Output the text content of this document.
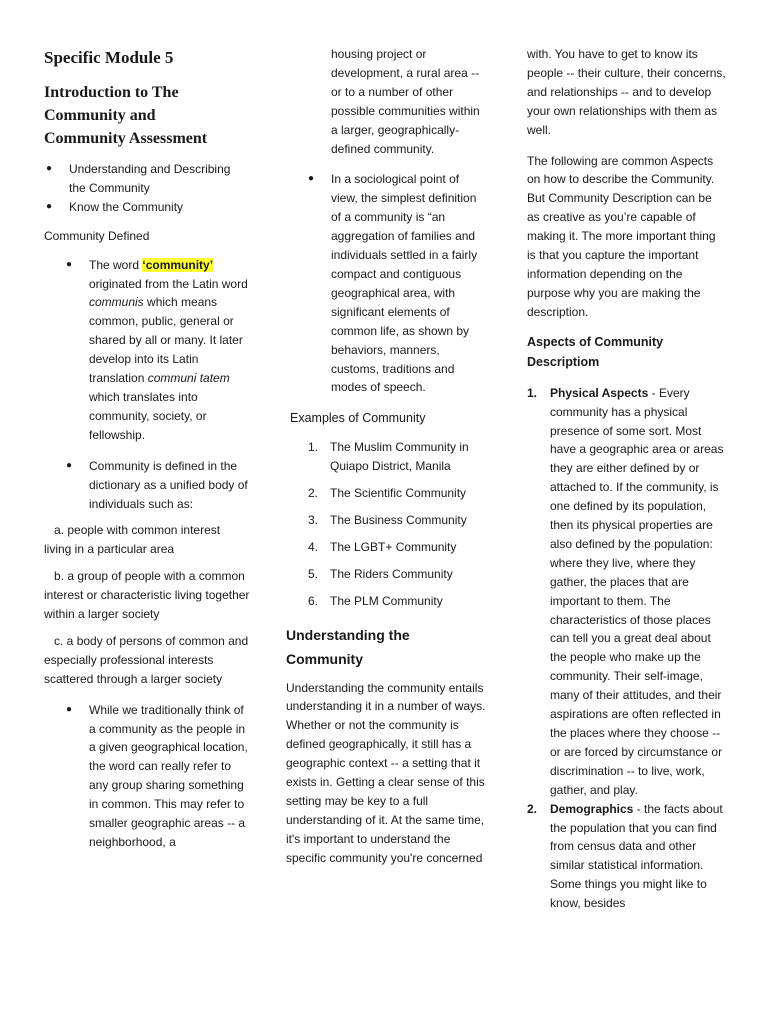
Specific Module 5
Introduction to The
Community and
Community Assessment
●	Understanding and Describing the Community
●	Know the Community

Community Defined

●	The word ‘community’ originated from the Latin word communis which means common, public, general or shared by all or many. It later develop into its Latin translation communi tatem which translates into community, society, or fellowship.
●	Community is defined in the dictionary as a unified body of individuals such as:

a. people with common interest living in a particular area

b. a group of people with a common interest or characteristic living together within a larger society

c. a body of persons of common and especially professional interests scattered through a larger society

●	While we traditionally think of a community as the people in a given geographical location, the word can really refer to any group sharing something in common. This may refer to smaller geographic areas -- a neighborhood, a
housing project or development, a rural area -- or to a number of other possible communities within a larger, geographically-defined community.
●	In a sociological point of view, the simplest definition of a community is “an aggregation of families and individuals settled in a fairly compact and contiguous geographical area, with significant elements of common life, as shown by behaviors, manners, customs, traditions and modes of speech.

Examples of Community

1. The Muslim Community in Quiapo District, Manila
2. The Scientific Community
3. The Business Community
4. The LGBT+ Community
5. The Riders Community
6. The PLM Community

Understanding the Community

Understanding the community entails understanding it in a number of ways. Whether or not the community is defined geographically, it still has a geographic context -- a setting that it exists in. Getting a clear sense of this setting may be key to a full understanding of it. At the same time, it's important to understand the specific community you're concerned

with. You have to get to know its people -- their culture, their concerns, and relationships -- and to develop your own relationships with them as well.

The following are common Aspects on how to describe the Community. But Community Description can be as creative as you’re capable of making it. The more important thing is that you capture the important information depending on the purpose why you are making the description.

Aspects of Community Descriptiom

1.	Physical Aspects - Every community has a physical presence of some sort. Most have a geographic area or areas they are either defined by or attached to. If the community, is one defined by its population, then its physical properties are also defined by the population: where they live, where they gather, the places that are important to them. The characteristics of those places can tell you a great deal about the people who make up the community. Their self-image, many of their attitudes, and their aspirations are often reflected in the places where they choose -- or are forced by circumstance or discrimination -- to live, work, gather, and play.
2.	Demographics - the facts about the population that you can find from census data and other similar statistical information. Some things you might like to know, besides
